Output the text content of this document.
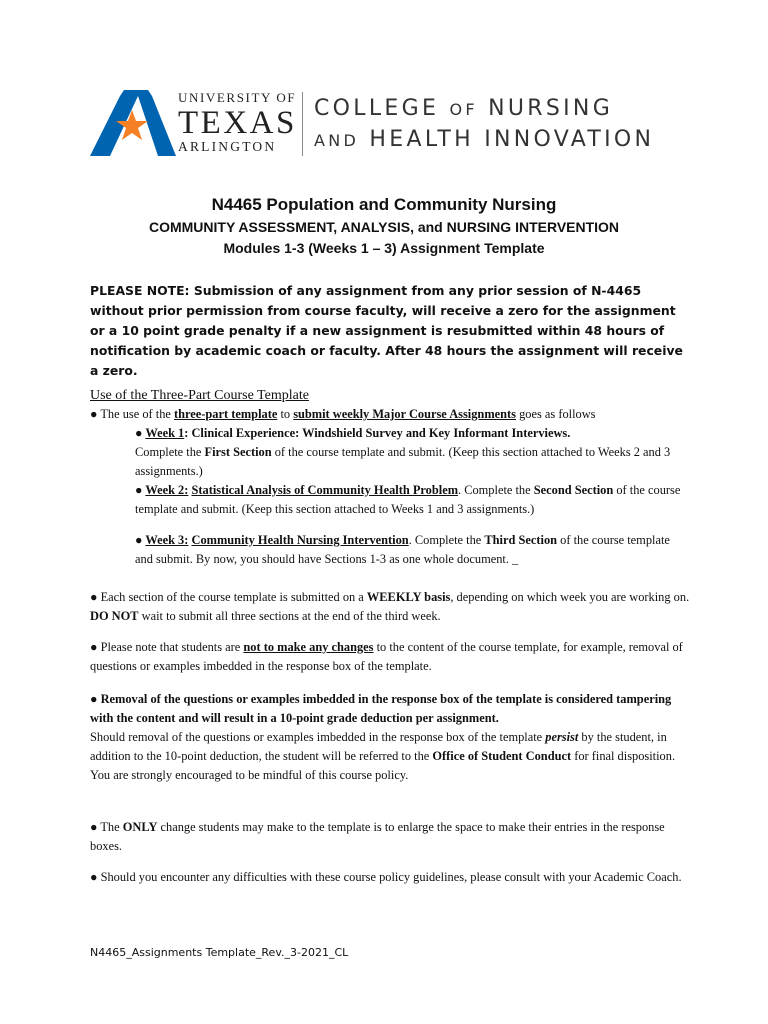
UNIVERSITY OF
TEXAS
ARLINGTON
COLLEGE OF NURSING
AND HEALTH INNOVATION
N4465 Population and Community Nursing
COMMUNITY ASSESSMENT, ANALYSIS, and NURSING INTERVENTION
Modules 1-3 (Weeks 1 – 3) Assignment Template
PLEASE NOTE: Submission of any assignment from any prior session of N-4465 without prior permission from course faculty, will receive a zero for the assignment or a 10 point grade penalty if a new assignment is resubmitted within 48 hours of notification by academic coach or faculty. After 48 hours the assignment will receive a zero.
Use of the Three-Part Course Template
● The use of the three-part template to submit weekly Major Course Assignments goes as follows
● Week 1: Clinical Experience: Windshield Survey and Key Informant Interviews.
Complete the First Section of the course template and submit. (Keep this section attached to Weeks 2 and 3 assignments.)
● Week 2: Statistical Analysis of Community Health Problem. Complete the Second Section of the course template and submit. (Keep this section attached to Weeks 1 and 3 assignments.)
● Week 3: Community Health Nursing Intervention. Complete the Third Section of the course template and submit. By now, you should have Sections 1-3 as one whole document. _
● Each section of the course template is submitted on a WEEKLY basis, depending on which week you are working on. DO NOT wait to submit all three sections at the end of the third week.
● Please note that students are not to make any changes to the content of the course template, for example, removal of questions or examples imbedded in the response box of the template.
● Removal of the questions or examples imbedded in the response box of the template is considered tampering with the content and will result in a 10-point grade deduction per assignment.
Should removal of the questions or examples imbedded in the response box of the template persist by the student, in addition to the 10-point deduction, the student will be referred to the Office of Student Conduct for final disposition. You are strongly encouraged to be mindful of this course policy.
● The ONLY change students may make to the template is to enlarge the space to make their entries in the response boxes.
● Should you encounter any difficulties with these course policy guidelines, please consult with your Academic Coach.
N4465_Assignments Template_Rev._3-2021_CL
